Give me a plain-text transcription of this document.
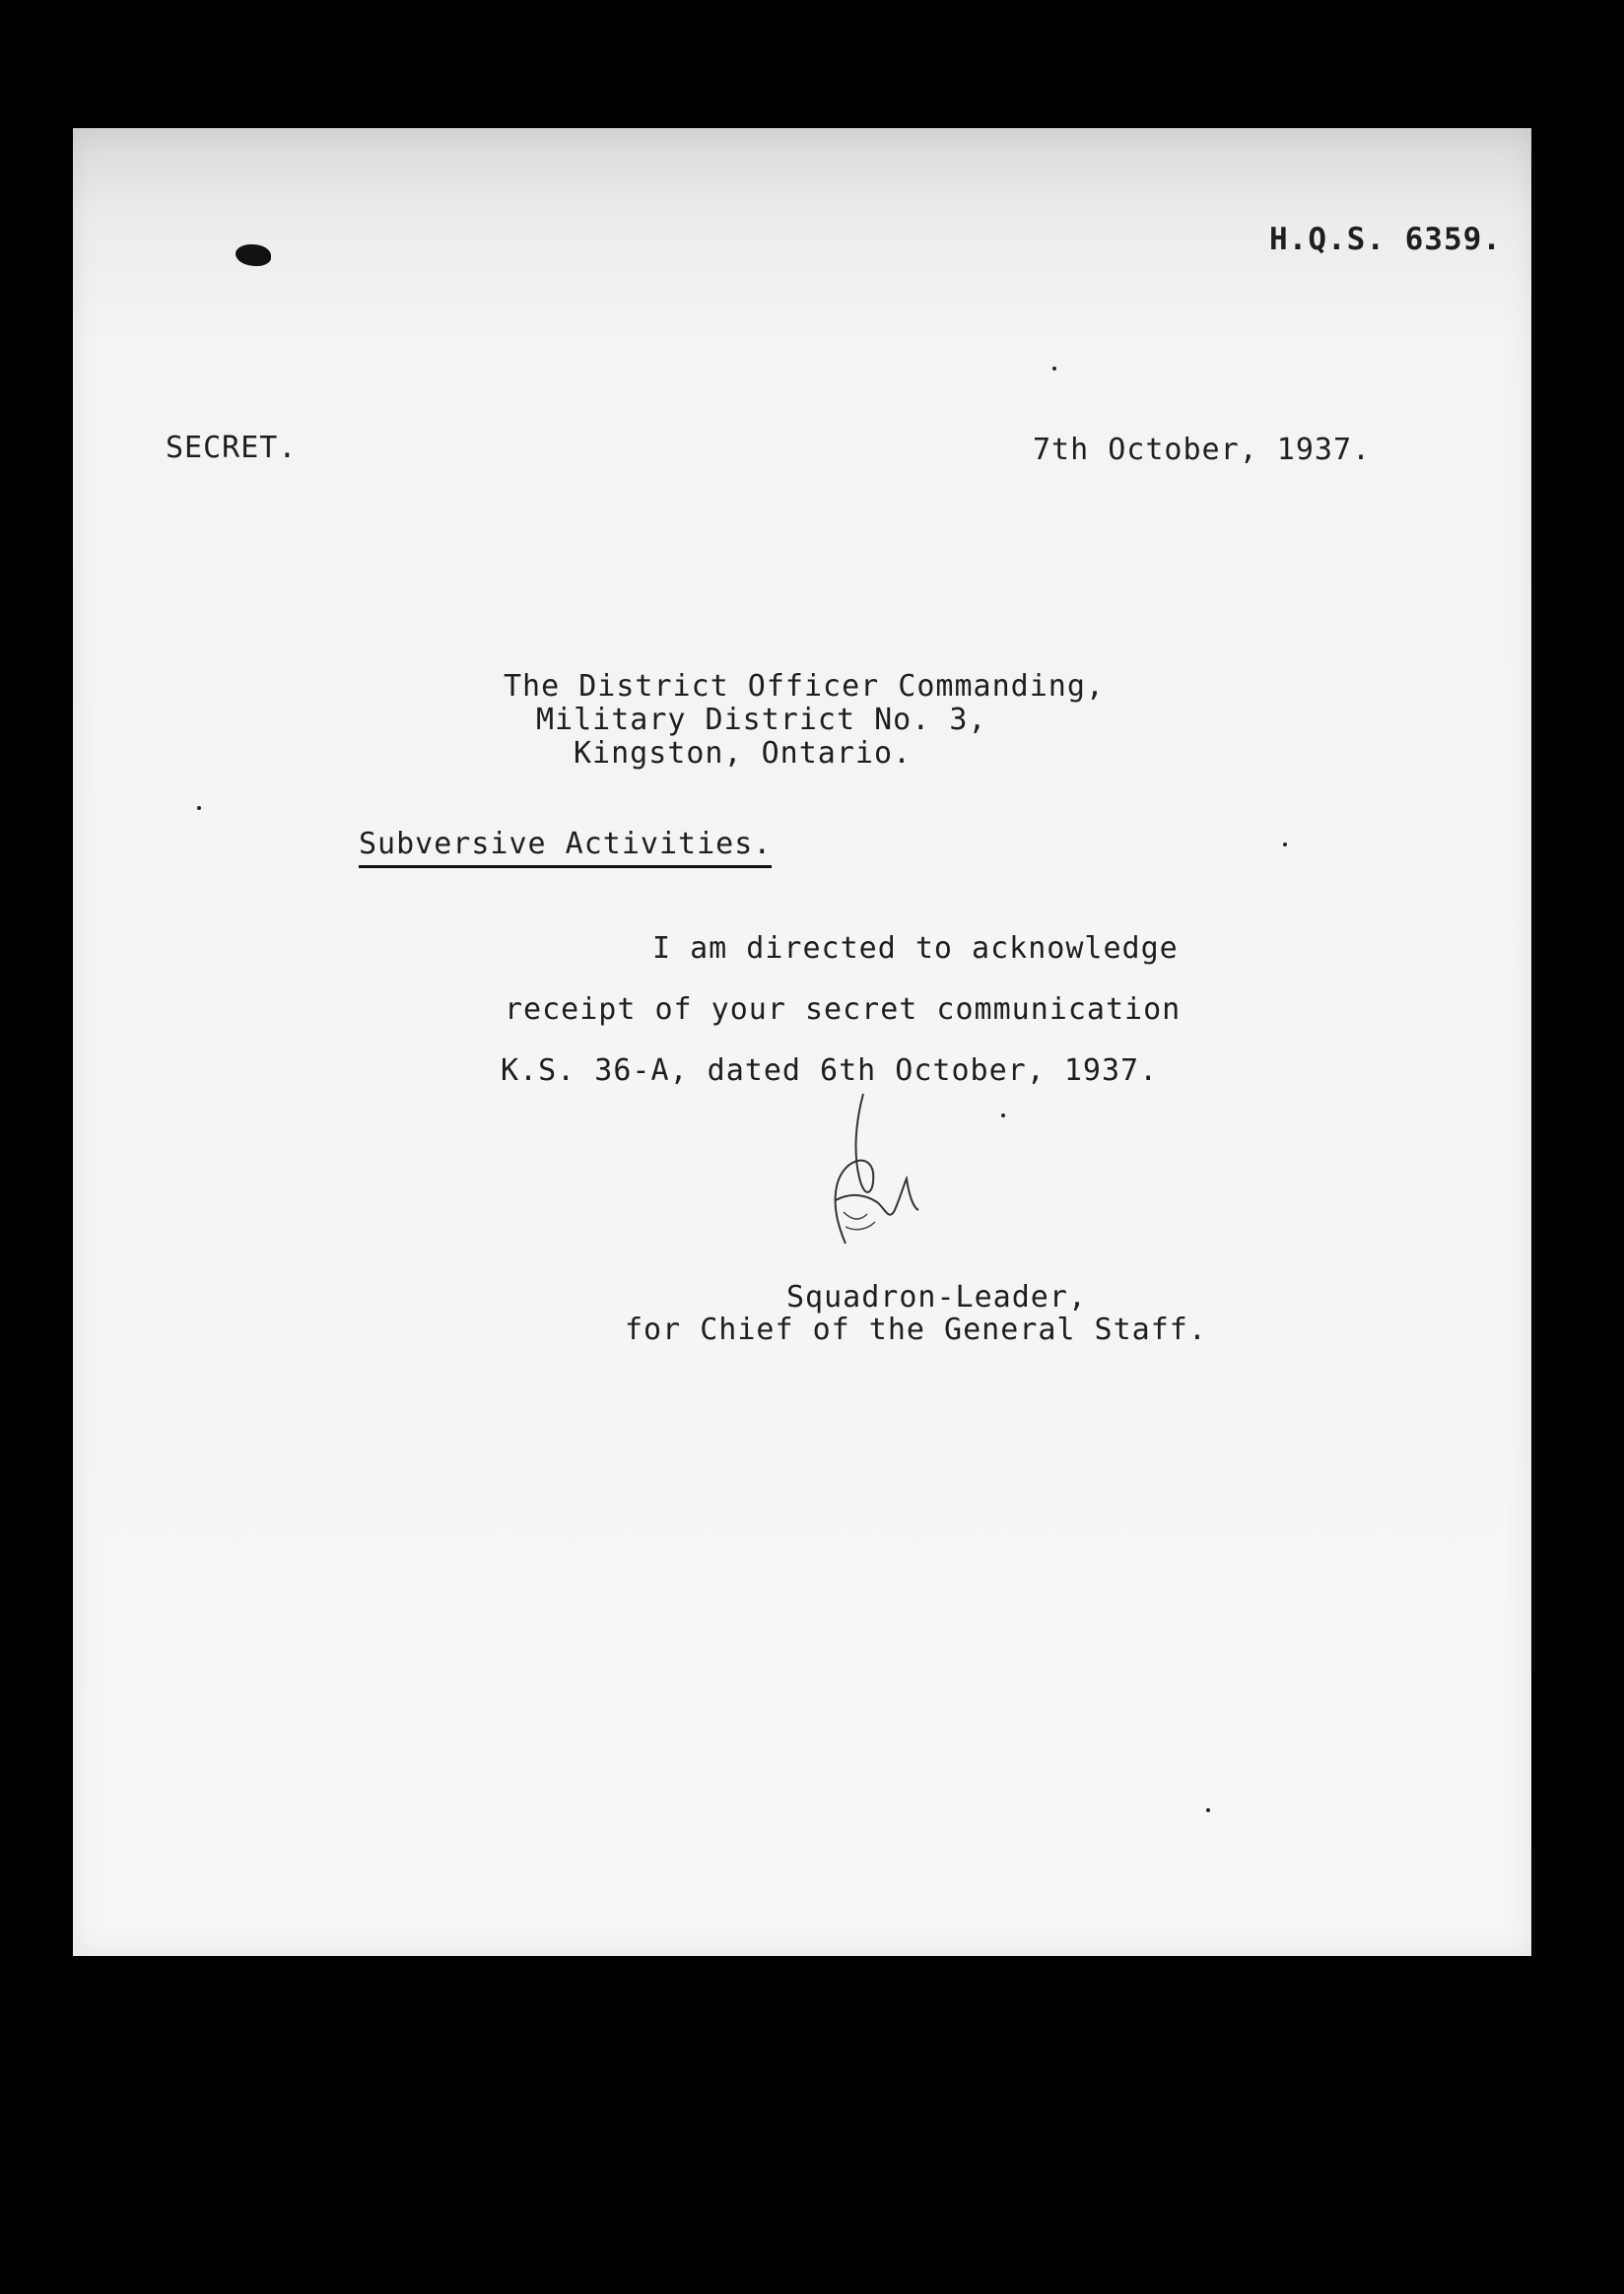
H.Q.S. 6359.
SECRET.	7th October, 1937.
The District Officer Commanding,
Military District No. 3,
Kingston, Ontario.
Subversive Activities.
I am directed to acknowledge
receipt of your secret communication
K.S. 36-A, dated 6th October, 1937.
Squadron-Leader,
for Chief of the General Staff.
